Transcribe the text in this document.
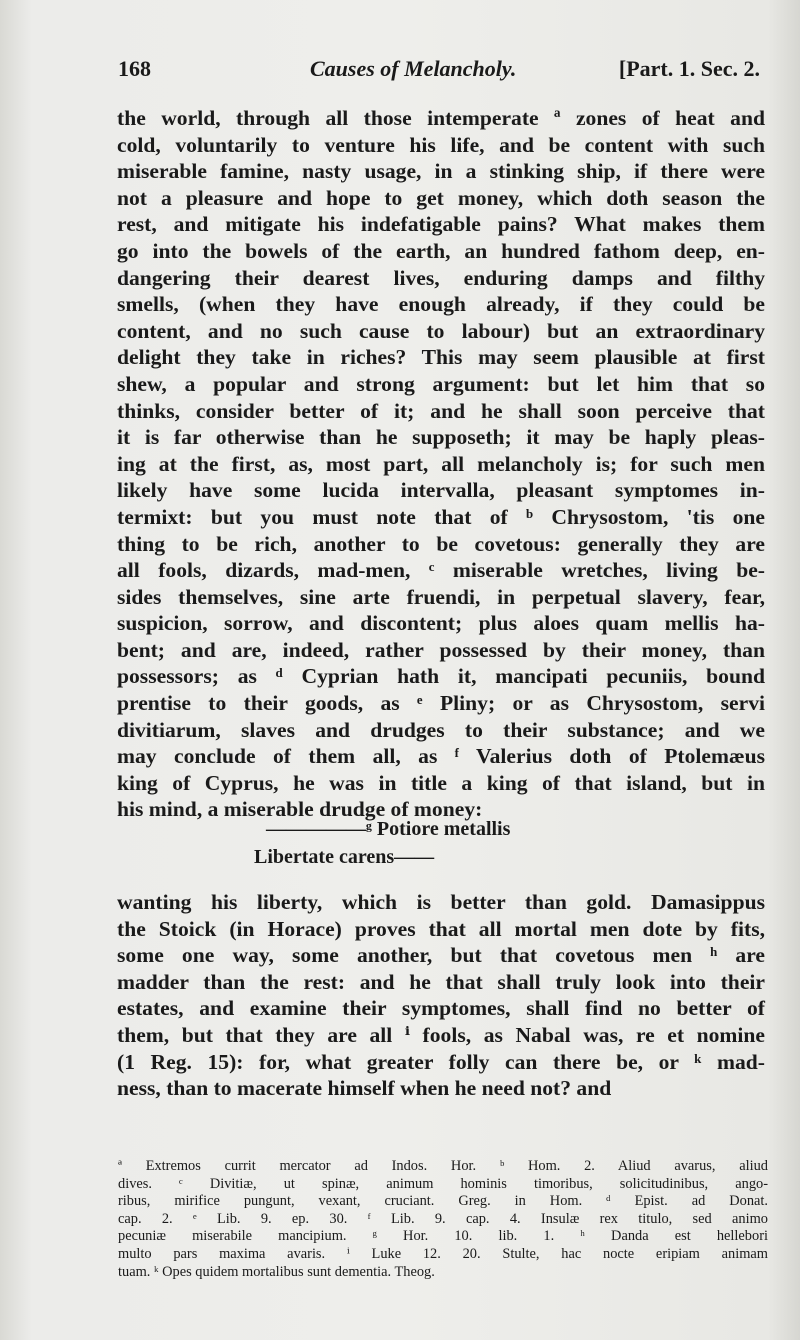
168	Causes of Melancholy.	[Part. 1. Sec. 2.
the world, through all those intemperate ª zones of heat and
cold, voluntarily to venture his life, and be content with such
miserable famine, nasty usage, in a stinking ship, if there were
not a pleasure and hope to get money, which doth season the
rest, and mitigate his indefatigable pains? What makes them
go into the bowels of the earth, an hundred fathom deep, en-
dangering their dearest lives, enduring damps and filthy
smells, (when they have enough already, if they could be
content, and no such cause to labour) but an extraordinary
delight they take in riches? This may seem plausible at first
shew, a popular and strong argument: but let him that so
thinks, consider better of it; and he shall soon perceive that
it is far otherwise than he supposeth; it may be haply pleas-
ing at the first, as, most part, all melancholy is; for such men
likely have some lucida intervalla, pleasant symptomes in-
termixt: but you must note that of ᵇ Chrysostom, 'tis one
thing to be rich, another to be covetous: generally they are
all fools, dizards, mad-men, ᶜ miserable wretches, living be-
sides themselves, sine arte fruendi, in perpetual slavery, fear,
suspicion, sorrow, and discontent; plus aloes quam mellis ha-
bent; and are, indeed, rather possessed by their money, than
possessors; as ᵈ Cyprian hath it, mancipati pecuniis, bound
prentise to their goods, as ᵉ Pliny; or as Chrysostom, servi
divitiarum, slaves and drudges to their substance; and we
may conclude of them all, as ᶠ Valerius doth of Ptolemæus
king of Cyprus, he was in title a king of that island, but in
his mind, a miserable drudge of money:
—————ᵍ Potiore metallis
Libertate carens——
wanting his liberty, which is better than gold. Damasippus
the Stoick (in Horace) proves that all mortal men dote by fits,
some one way, some another, but that covetous men ʰ are
madder than the rest: and he that shall truly look into their
estates, and examine their symptomes, shall find no better of
them, but that they are all ⁱ fools, as Nabal was, re et nomine
(1 Reg. 15): for, what greater folly can there be, or ᵏ mad-
ness, than to macerate himself when he need not? and
ª Extremos currit mercator ad Indos. Hor. ᵇ Hom. 2. Aliud avarus, aliud
dives. ᶜ Divitiæ, ut spinæ, animum hominis timoribus, solicitudinibus, ango-
ribus, mirifice pungunt, vexant, cruciant. Greg. in Hom. ᵈ Epist. ad Donat.
cap. 2. ᵉ Lib. 9. ep. 30. ᶠ Lib. 9. cap. 4. Insulæ rex titulo, sed animo
pecuniæ miserabile mancipium. ᵍ Hor. 10. lib. 1. ʰ Danda est hellebori
multo pars maxima avaris. ⁱ Luke 12. 20. Stulte, hac nocte eripiam animam
tuam. ᵏ Opes quidem mortalibus sunt dementia. Theog.
